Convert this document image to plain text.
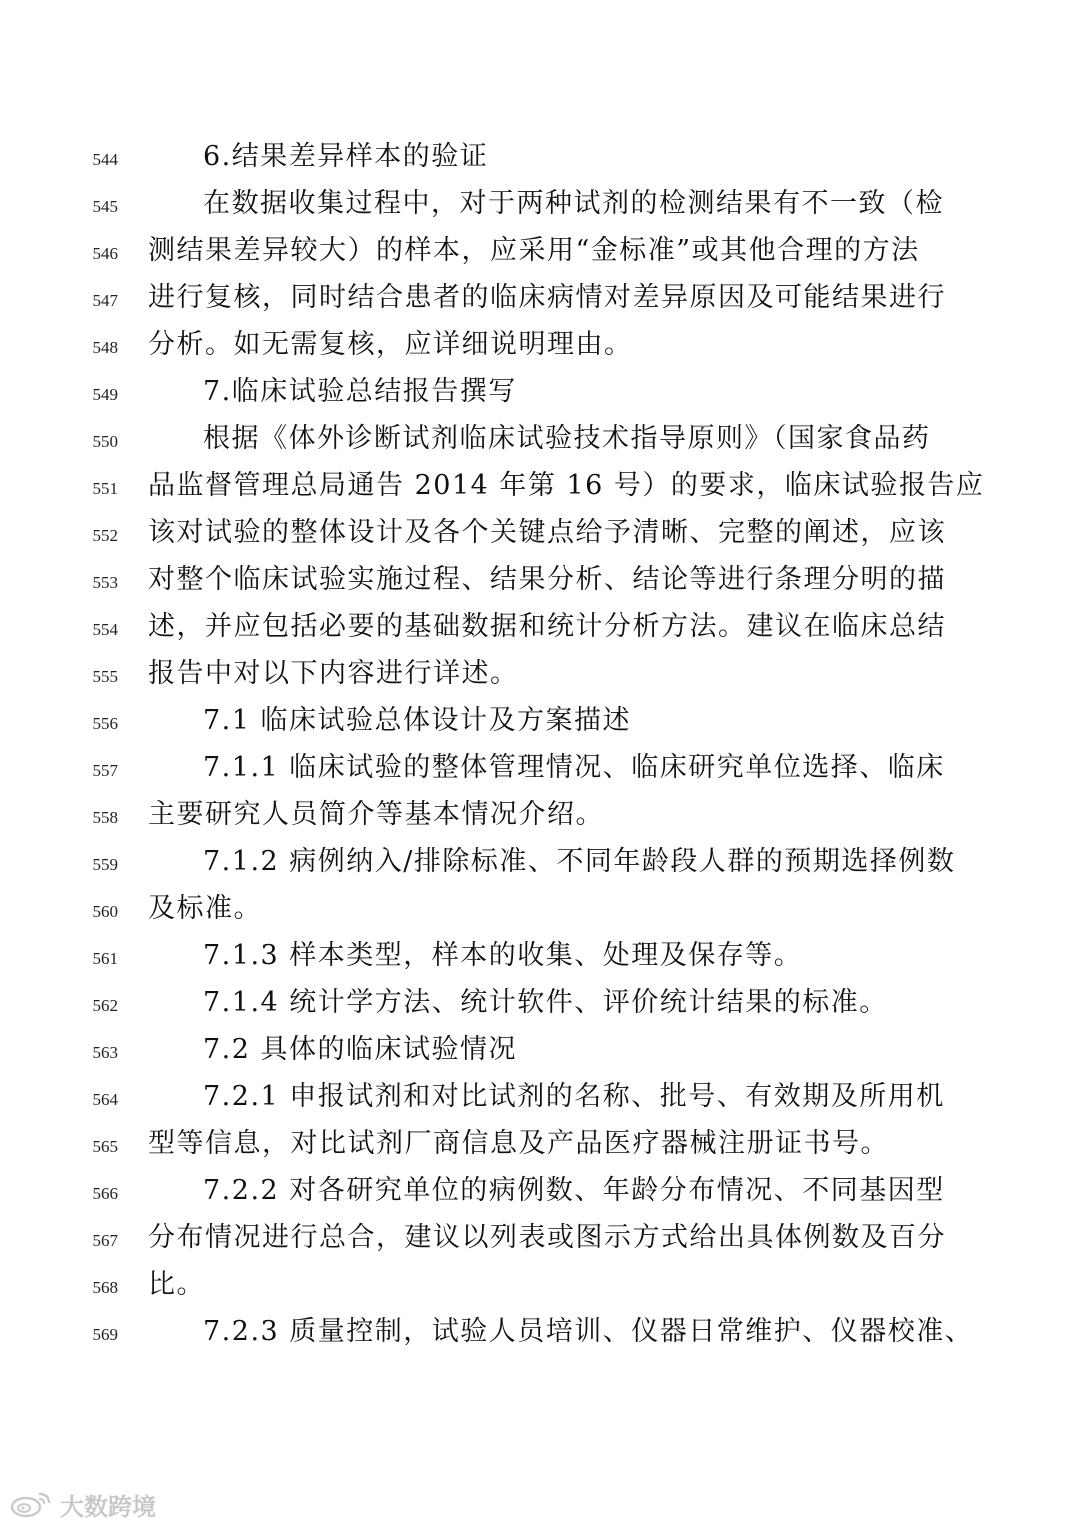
544	6.结果差异样本的验证
545	在数据收集过程中，对于两种试剂的检测结果有不一致（检
546 测结果差异较大）的样本，应采用“金标准”或其他合理的方法
547 进行复核，同时结合患者的临床病情对差异原因及可能结果进行
548 分析。如无需复核，应详细说明理由。
549	7.临床试验总结报告撰写
550	根据《体外诊断试剂临床试验技术指导原则》（国家食品药
551 品监督管理总局通告 2014 年第 16 号）的要求，临床试验报告应
552 该对试验的整体设计及各个关键点给予清晰、完整的阐述，应该
553 对整个临床试验实施过程、结果分析、结论等进行条理分明的描
554 述，并应包括必要的基础数据和统计分析方法。建议在临床总结
555 报告中对以下内容进行详述。
556	7.1 临床试验总体设计及方案描述
557	7.1.1 临床试验的整体管理情况、临床研究单位选择、临床
558 主要研究人员简介等基本情况介绍。
559	7.1.2 病例纳入/排除标准、不同年龄段人群的预期选择例数
560 及标准。
561	7.1.3 样本类型，样本的收集、处理及保存等。
562	7.1.4 统计学方法、统计软件、评价统计结果的标准。
563	7.2 具体的临床试验情况
564	7.2.1 申报试剂和对比试剂的名称、批号、有效期及所用机
565 型等信息，对比试剂厂商信息及产品医疗器械注册证书号。
566	7.2.2 对各研究单位的病例数、年龄分布情况、不同基因型
567 分布情况进行总合，建议以列表或图示方式给出具体例数及百分
568 比。
569	7.2.3 质量控制，试验人员培训、仪器日常维护、仪器校准、
大数跨境
